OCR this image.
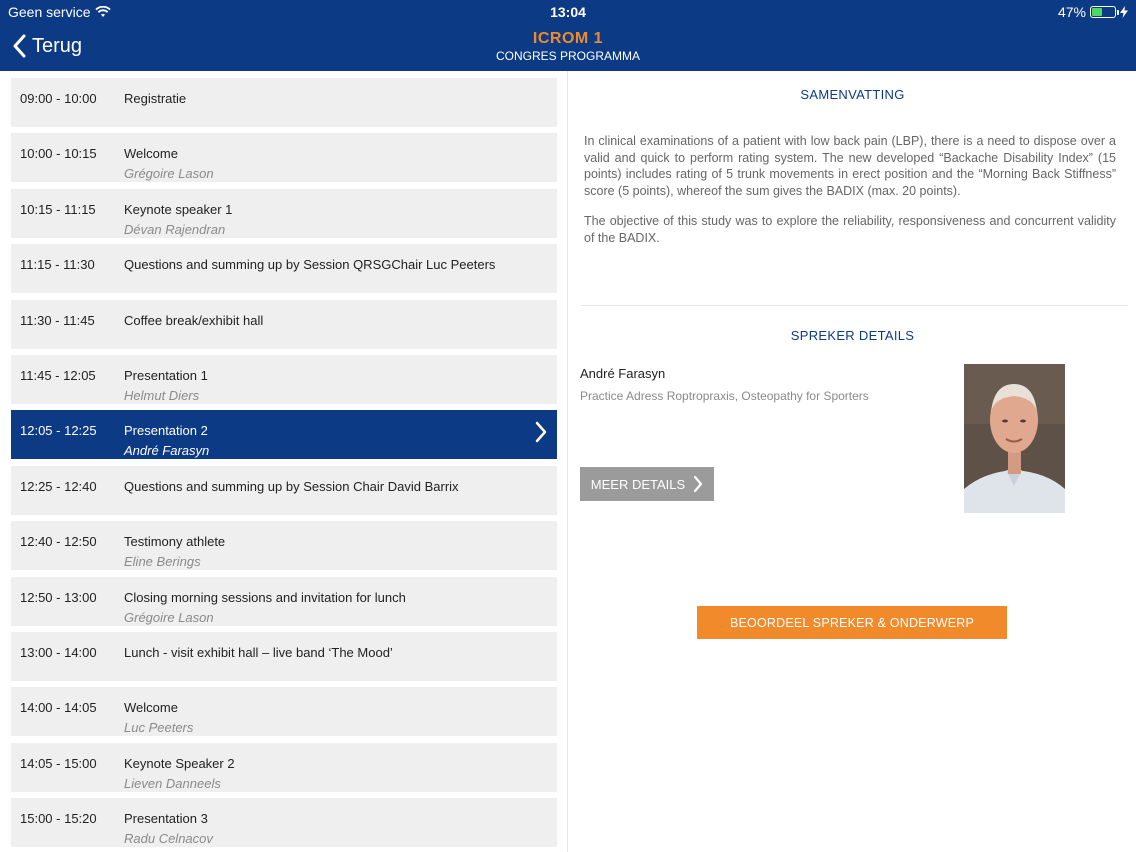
Geen service	13:04	47%
Terug	ICROM 1
CONGRES PROGRAMMA
09:00 - 10:00 Registratie
10:00 - 10:15 Welcome
Grégoire Lason
10:15 - 11:15 Keynote speaker 1
Dévan Rajendran
11:15 - 11:30 Questions and summing up by Session QRSGChair Luc Peeters
11:30 - 11:45 Coffee break/exhibit hall
11:45 - 12:05 Presentation 1
Helmut Diers
12:05 - 12:25 Presentation 2
André Farasyn
12:25 - 12:40 Questions and summing up by Session Chair David Barrix
12:40 - 12:50 Testimony athlete
Eline Berings
12:50 - 13:00 Closing morning sessions and invitation for lunch
Grégoire Lason
13:00 - 14:00 Lunch - visit exhibit hall – live band ‘The Mood’
14:00 - 14:05 Welcome
Luc Peeters
14:05 - 15:00 Keynote Speaker 2
Lieven Danneels
15:00 - 15:20 Presentation 3
Radu Celnacov
SAMENVATTING

In clinical examinations of a patient with low back pain (LBP), there is a need to dispose over a valid and quick to perform rating system. The new developed “Backache Disability Index” (15 points) includes rating of 5 trunk movements in erect position and the “Morning Back Stiffness” score (5 points), whereof the sum gives the BADIX (max. 20 points).

The objective of this study was to explore the reliability, responsiveness and concurrent validity of the BADIX.

SPREKER DETAILS
André Farasyn
Practice Adress Roptropraxis, Osteopathy for Sporters
MEER DETAILS
BEOORDEEL SPREKER & ONDERWERP
